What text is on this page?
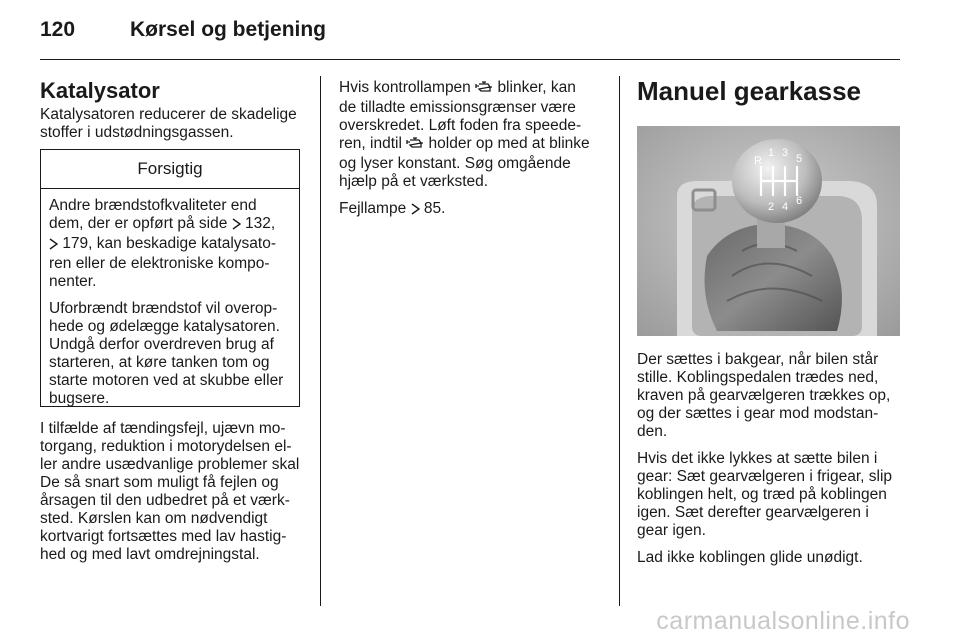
120	Kørsel og betjening
Katalysator
Katalysatoren reducerer de skadelige
stoffer i udstødningsgassen.
Forsigtig

Andre brændstofkvaliteter end
dem, der er opført på side 132,
179, kan beskadige katalysato-
ren eller de elektroniske kompo-
nenter.

Uforbrændt brændstof vil overop-
hede og ødelægge katalysatoren.
Undgå derfor overdreven brug af
starteren, at køre tanken tom og
starte motoren ved at skubbe eller
bugsere.

I tilfælde af tændingsfejl, ujævn mo-
torgang, reduktion i motorydelsen el-
ler andre usædvanlige problemer skal
De så snart som muligt få fejlen og
årsagen til den udbedret på et værk-
sted. Kørslen kan om nødvendigt
kortvarigt fortsættes med lav hastig-
hed og med lavt omdrejningstal.

Hvis kontrollampen blinker, kan
de tilladte emissionsgrænser være
overskredet. Løft foden fra speede-
ren, indtil holder op med at blinke
og lyser konstant. Søg omgående
hjælp på et værksted.

Fejllampe 85.

Manuel gearkasse
R
1 3 5
2 4 6

Der sættes i bakgear, når bilen står
stille. Koblingspedalen trædes ned,
kraven på gearvælgeren trækkes op,
og der sættes i gear mod modstan-
den.

Hvis det ikke lykkes at sætte bilen i
gear: Sæt gearvælgeren i frigear, slip
koblingen helt, og træd på koblingen
igen. Sæt derefter gearvælgeren i
gear igen.

Lad ikke koblingen glide unødigt.

carmanualsonline.info
